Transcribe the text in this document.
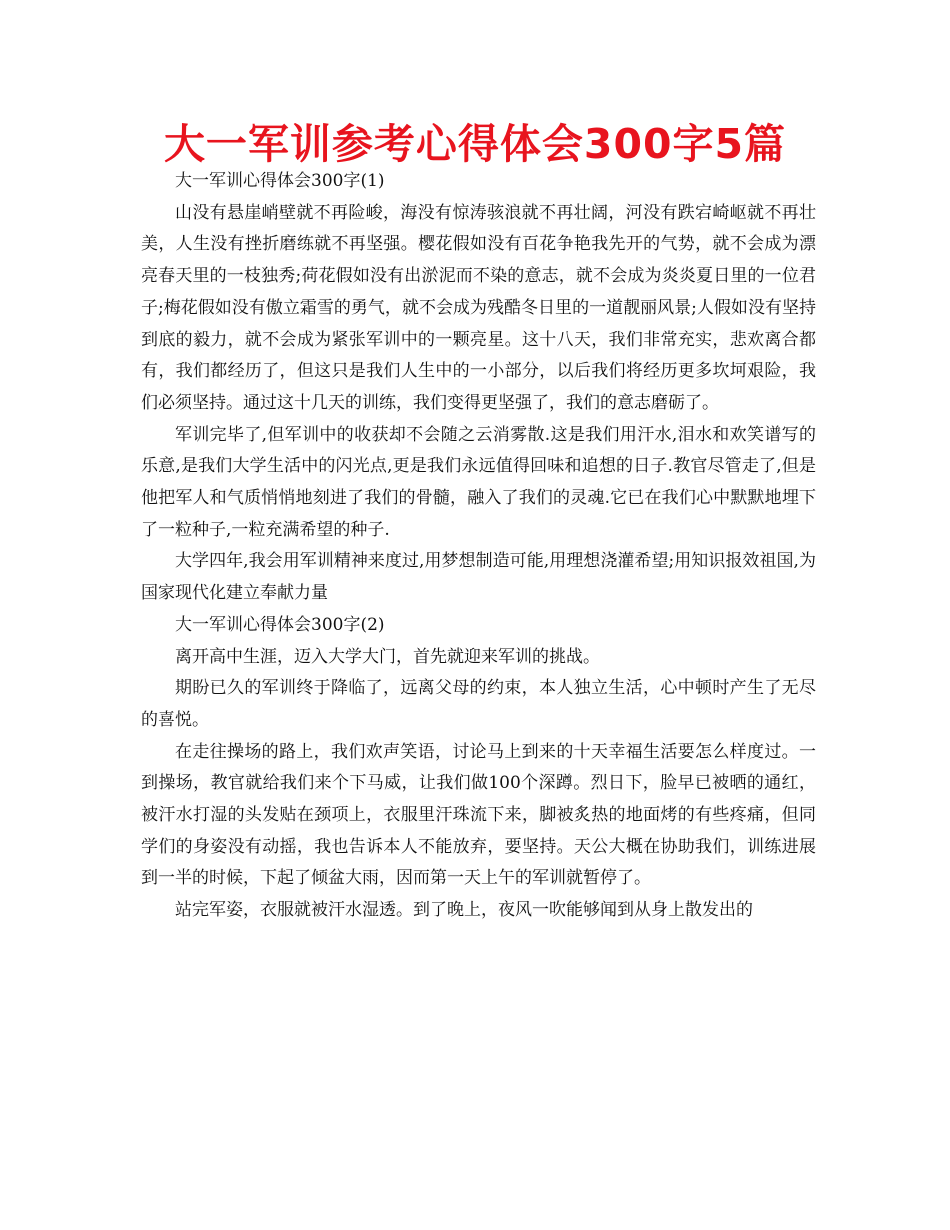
大一军训参考心得体会300字5篇

大一军训心得体会300字(1)

山没有悬崖峭壁就不再险峻，海没有惊涛骇浪就不再壮阔，河没有跌宕崎岖就不再壮美，人生没有挫折磨练就不再坚强。樱花假如没有百花争艳我先开的气势，就不会成为漂亮春天里的一枝独秀;荷花假如没有出淤泥而不染的意志，就不会成为炎炎夏日里的一位君子;梅花假如没有傲立霜雪的勇气，就不会成为残酷冬日里的一道靓丽风景;人假如没有坚持到底的毅力，就不会成为紧张军训中的一颗亮星。这十八天，我们非常充实，悲欢离合都有，我们都经历了，但这只是我们人生中的一小部分，以后我们将经历更多坎坷艰险，我们必须坚持。通过这十几天的训练，我们变得更坚强了，我们的意志磨砺了。

军训完毕了,但军训中的收获却不会随之云消雾散.这是我们用汗水,泪水和欢笑谱写的乐意,是我们大学生活中的闪光点,更是我们永远值得回味和追想的日子.教官尽管走了,但是他把军人和气质悄悄地刻进了我们的骨髓，融入了我们的灵魂.它已在我们心中默默地埋下了一粒种子,一粒充满希望的种子.

大学四年,我会用军训精神来度过,用梦想制造可能,用理想浇灌希望;用知识报效祖国,为国家现代化建立奉献力量

大一军训心得体会300字(2)

离开高中生涯，迈入大学大门，首先就迎来军训的挑战。

期盼已久的军训终于降临了，远离父母的约束，本人独立生活，心中顿时产生了无尽的喜悦。

在走往操场的路上，我们欢声笑语，讨论马上到来的十天幸福生活要怎么样度过。一到操场，教官就给我们来个下马威，让我们做100个深蹲。烈日下，脸早已被晒的通红，被汗水打湿的头发贴在颈项上，衣服里汗珠流下来，脚被炙热的地面烤的有些疼痛，但同学们的身姿没有动摇，我也告诉本人不能放弃，要坚持。天公大概在协助我们，训练进展到一半的时候，下起了倾盆大雨，因而第一天上午的军训就暂停了。

站完军姿，衣服就被汗水湿透。到了晚上，夜风一吹能够闻到从身上散发出的
